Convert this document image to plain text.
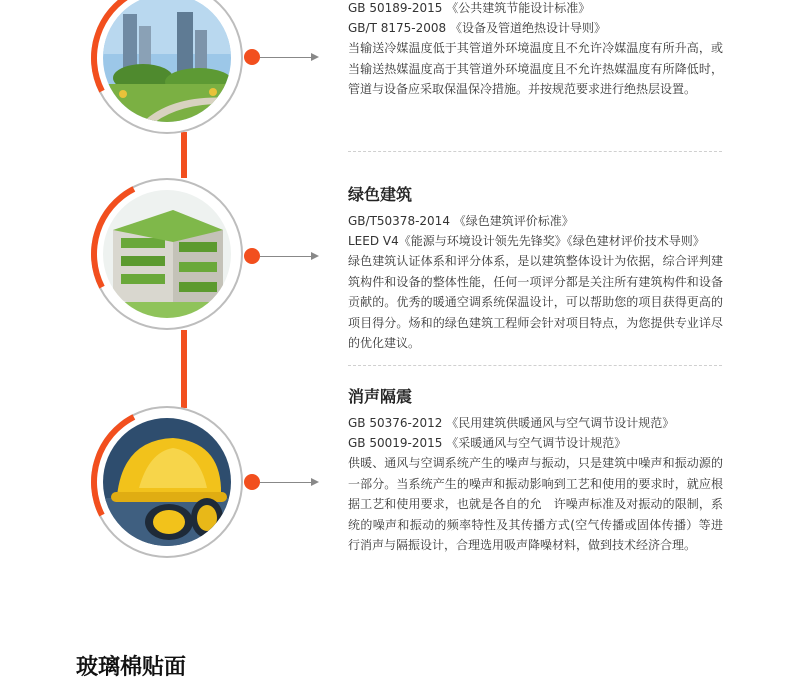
GB 50189-2015 《公共建筑节能设计标准》
GB/T 8175-2008 《设备及管道绝热设计导则》

当输送冷媒温度低于其管道外环境温度且不允许冷媒温度有所升高，或当输送热媒温度高于其管道外环境温度且不允许热媒温度有所降低时，管道与设备应采取保温保冷措施。并按规范要求进行绝热层设置。

绿色建筑
GB/T50378-2014 《绿色建筑评价标准》
LEED V4《能源与环境设计领先先锋奖》《绿色建材评价技术导则》

绿色建筑认证体系和评分体系，是以建筑整体设计为依据，综合评判建筑构件和设备的整体性能，任何一项评分都是关注所有建筑构件和设备贡献的。优秀的暖通空调系统保温设计，可以帮助您的项目获得更高的项目得分。炀和的绿色建筑工程师会针对项目特点，为您提供专业详尽的优化建议。

消声隔震
GB 50376-2012 《民用建筑供暖通风与空气调节设计规范》
GB 50019-2015 《采暖通风与空气调节设计规范》

供暖、通风与空调系统产生的噪声与振动，只是建筑中噪声和振动源的一部分。当系统产生的噪声和振动影响到工艺和使用的要求时，就应根据工艺和使用要求，也就是各自的允　许噪声标准及对振动的限制，系统的噪声和振动的频率特性及其传播方式(空气传播或固体传播）等进行消声与隔振设计，合理选用吸声降噪材料，做到技术经济合理。

玻璃棉贴面
